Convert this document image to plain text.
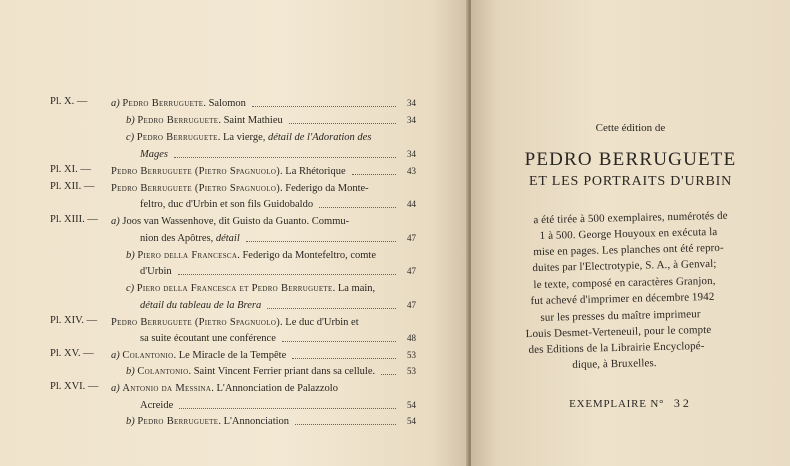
Pl. X. — a) Pedro Berruguete. Salomon	34
b) Pedro Berruguete. Saint Mathieu	34
c) Pedro Berruguete. La vierge, détail de l'Adoration des
Mages	34
Pl. XI. — Pedro Berruguete (Pietro Spagnuolo). La Rhétorique	43
Pl. XII. — Pedro Berruguete (Pietro Spagnuolo). Federigo da Monte-
feltro, duc d'Urbin et son fils Guidobaldo	44
Pl. XIII. — a) Joos van Wassenhove, dit Guisto da Guanto. Commu-
nion des Apôtres, détail	47
b) Piero della Francesca. Federigo da Montefeltro, comte
d'Urbin	47
c) Piero della Francesca et Pedro Berruguete. La main,
détail du tableau de la Brera	47
Pl. XIV. — Pedro Berruguete (Pietro Spagnuolo). Le duc d'Urbin et
sa suite écoutant une conférence	48
Pl. XV. — a) Colantonio. Le Miracle de la Tempête	53
b) Colantonio. Saint Vincent Ferrier priant dans sa cellule.	53
Pl. XVI. — a) Antonio da Messina. L'Annonciation de Palazzolo
Acreide	54
b) Pedro Berruguete. L'Annonciation	54
Cette édition de
PEDRO BERRUGUETE
ET LES PORTRAITS D'URBIN
a été tirée à 500 exemplaires, numérotés de
1 à 500. George Houyoux en exécuta la
mise en pages. Les planches ont été repro-
duites par l'Electrotypie, S. A., à Genval;
le texte, composé en caractères Granjon,
fut achevé d'imprimer en décembre 1942
sur les presses du maître imprimeur
Louis Desmet-Verteneuil, pour le compte
des Editions de la Librairie Encyclopé-
dique, à Bruxelles.
EXEMPLAIRE N° 32
